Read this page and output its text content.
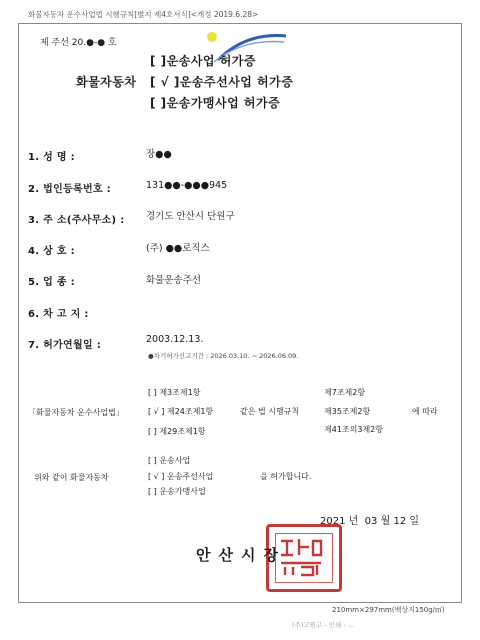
화물자동차 운수사업법 시행규칙[별지 제4호서식]<개정 2019.6.28>
제 주선 20.●-● 호
화물자동차
[ ]운송사업 허가증
[ √ ]운송주선사업 허가증
[ ]운송가맹사업 허가증
1. 성 명 :	장●●
2. 법인등록번호 :	131●●-●●●945
3. 주 소(주사무소) : 경기도 안산시 단원구
4. 상 호 :	(주) ●●로직스
5. 업 종 :	화물운송주선
6. 차 고 지 :
7. 허가연월일 :
2003.12.13.
●차기허가신고기간 : 2026.03.10. ~ 2026.06.09.
[ ] 제3조제1항
「화물자동차 운수사업법」	[ √ ] 제24조제1항	같은 법 시행규칙
[ ] 제29조제1항
제7조제2항
제35조제2항
제41조의3제2항
에 따라
[ ] 운송사업
위와 같이 화물자동차	[ √ ] 운송주선사업	을 허가합니다.
[ ] 운송가맹사업
2021 년 03 월 12 일
안산시장
210mm×297mm(백상지150g/㎡)
(주)고원고 - 인쇄 - ...
